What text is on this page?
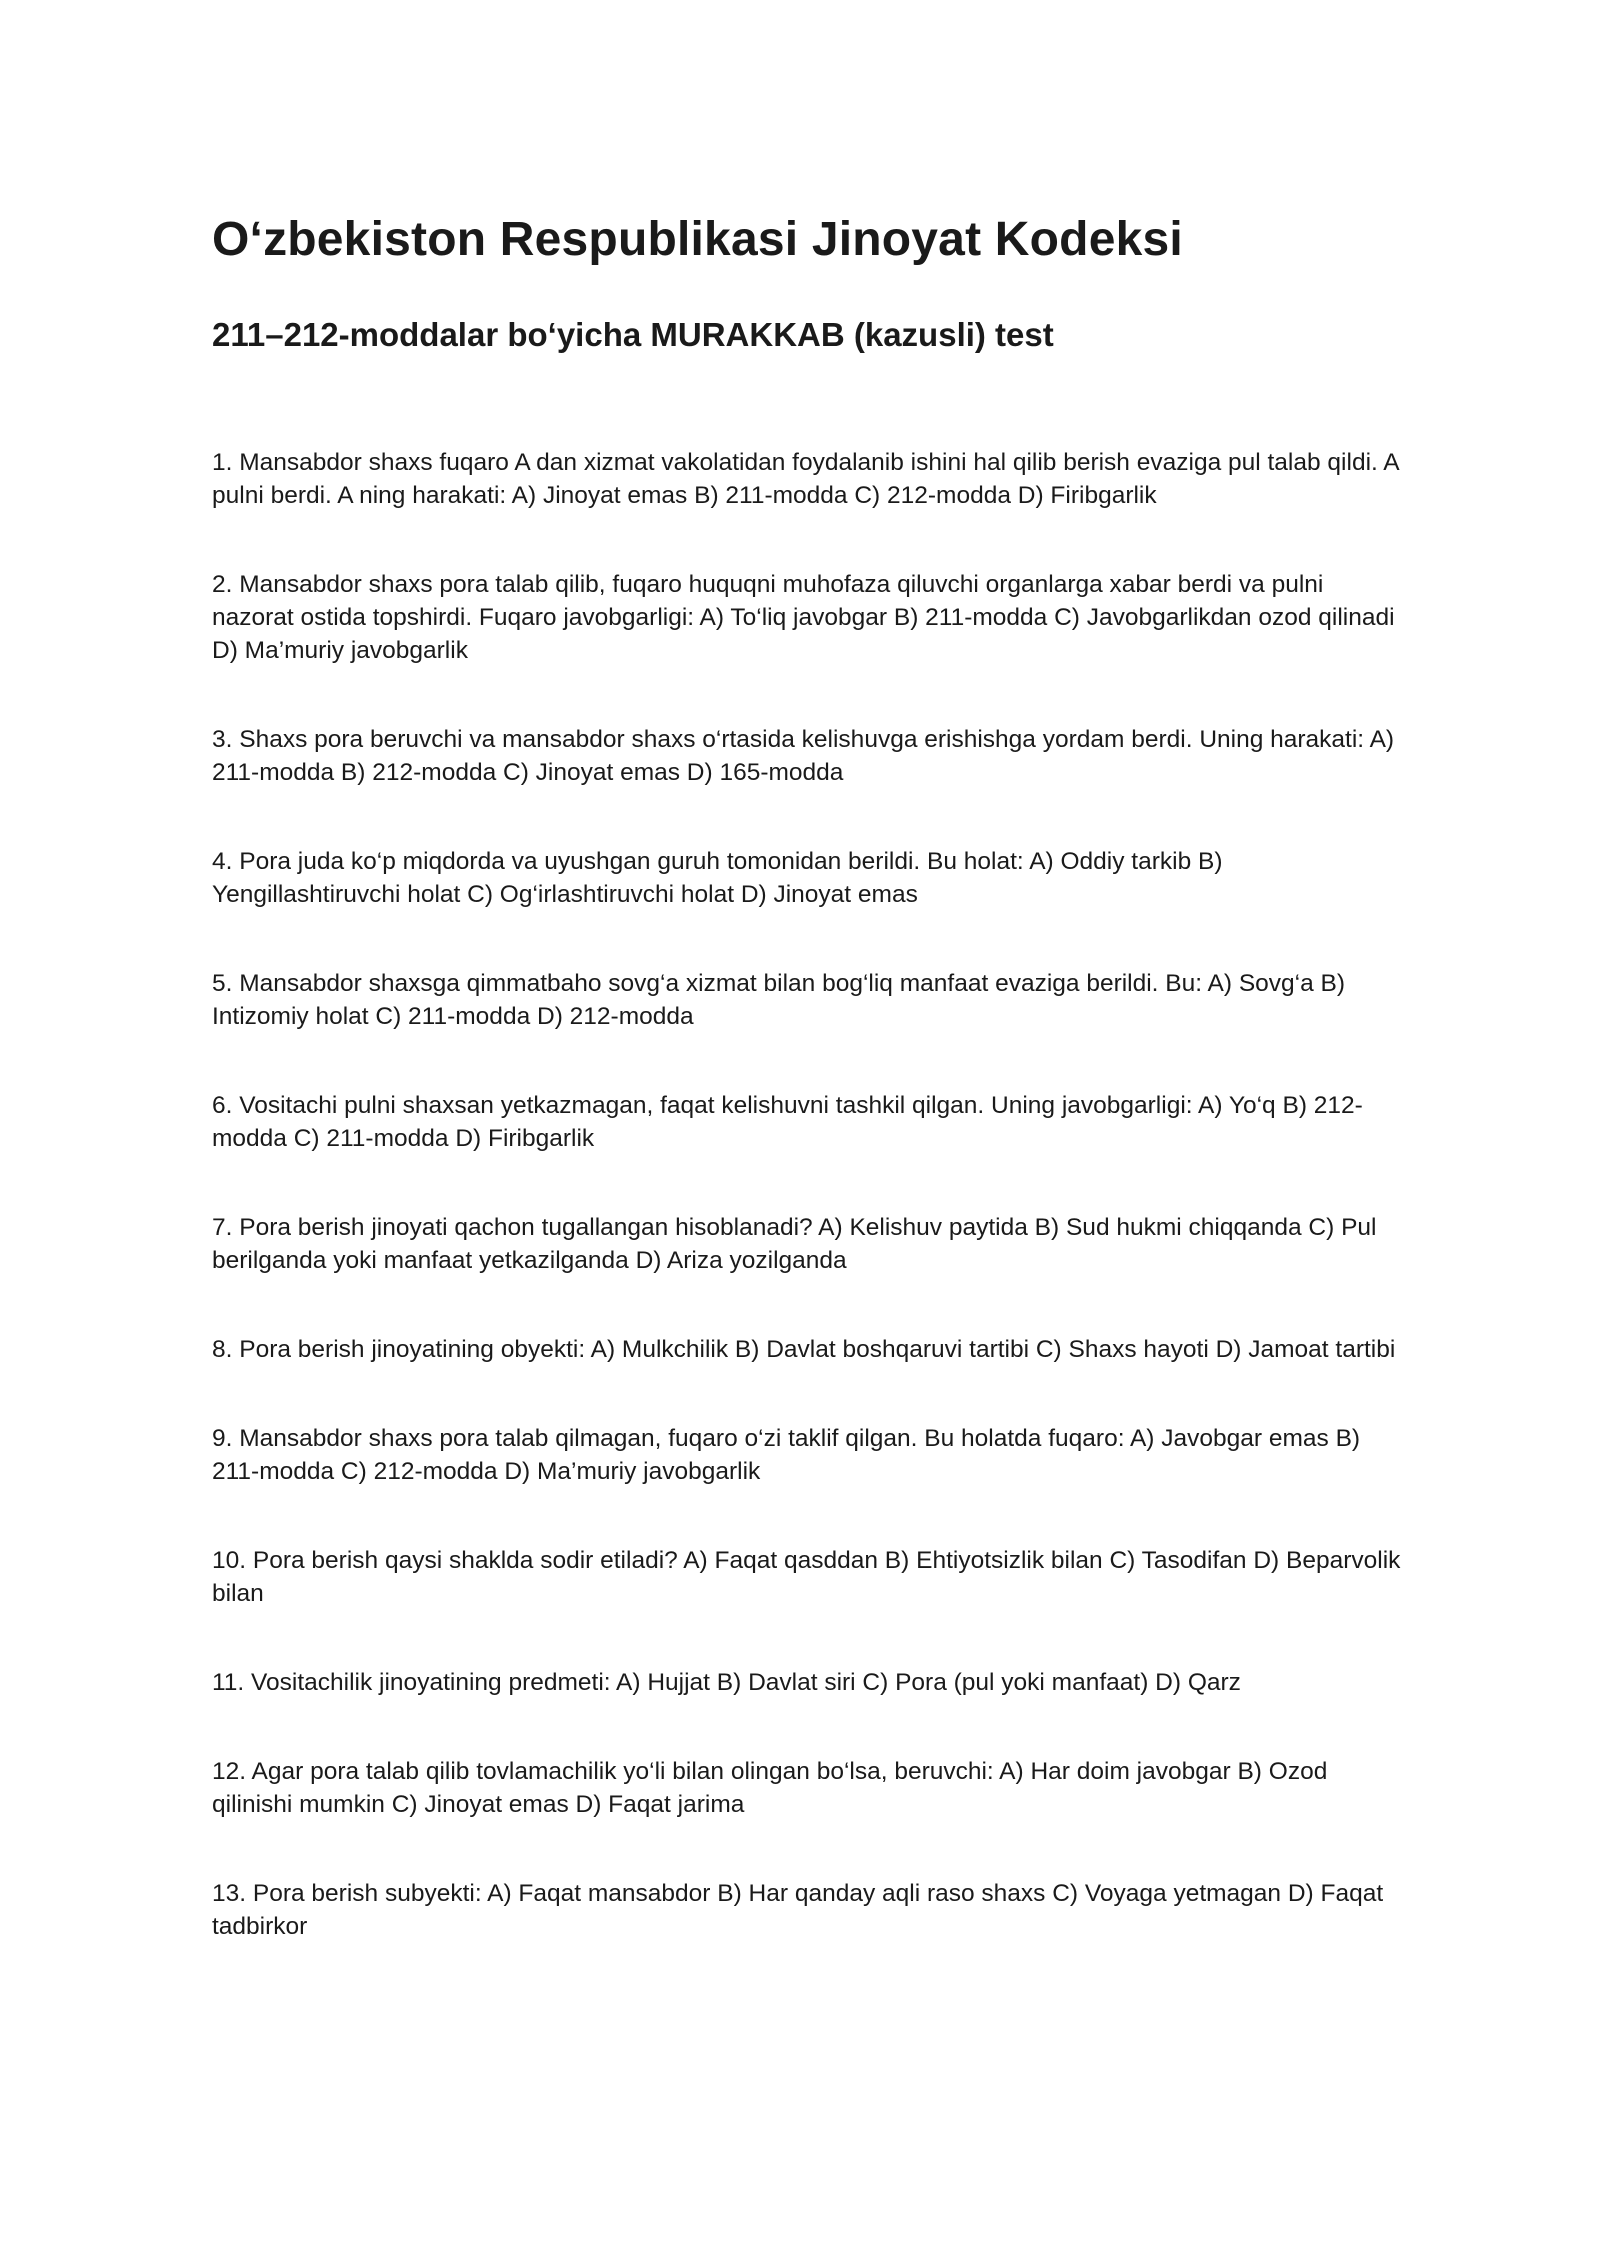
O‘zbekiston Respublikasi Jinoyat Kodeksi
211–212-moddalar bo‘yicha MURAKKAB (kazusli) test

1. Mansabdor shaxs fuqaro A dan xizmat vakolatidan foydalanib ishini hal qilib berish evaziga pul talab qildi. A pulni berdi. A ning harakati: A) Jinoyat emas B) 211-modda C) 212-modda D) Firibgarlik

2. Mansabdor shaxs pora talab qilib, fuqaro huquqni muhofaza qiluvchi organlarga xabar berdi va pulni nazorat ostida topshirdi. Fuqaro javobgarligi: A) To‘liq javobgar B) 211-modda C) Javobgarlikdan ozod qilinadi D) Ma’muriy javobgarlik

3. Shaxs pora beruvchi va mansabdor shaxs o‘rtasida kelishuvga erishishga yordam berdi. Uning harakati: A) 211-modda B) 212-modda C) Jinoyat emas D) 165-modda

4. Pora juda ko‘p miqdorda va uyushgan guruh tomonidan berildi. Bu holat: A) Oddiy tarkib B) Yengillashtiruvchi holat C) Og‘irlashtiruvchi holat D) Jinoyat emas

5. Mansabdor shaxsga qimmatbaho sovg‘a xizmat bilan bog‘liq manfaat evaziga berildi. Bu: A) Sovg‘a B) Intizomiy holat C) 211-modda D) 212-modda

6. Vositachi pulni shaxsan yetkazmagan, faqat kelishuvni tashkil qilgan. Uning javobgarligi: A) Yo‘q B) 212-modda C) 211-modda D) Firibgarlik

7. Pora berish jinoyati qachon tugallangan hisoblanadi? A) Kelishuv paytida B) Sud hukmi chiqqanda C) Pul berilganda yoki manfaat yetkazilganda D) Ariza yozilganda

8. Pora berish jinoyatining obyekti: A) Mulkchilik B) Davlat boshqaruvi tartibi C) Shaxs hayoti D) Jamoat tartibi

9. Mansabdor shaxs pora talab qilmagan, fuqaro o‘zi taklif qilgan. Bu holatda fuqaro: A) Javobgar emas B) 211-modda C) 212-modda D) Ma’muriy javobgarlik

10. Pora berish qaysi shaklda sodir etiladi? A) Faqat qasddan B) Ehtiyotsizlik bilan C) Tasodifan D) Beparvolik bilan

11. Vositachilik jinoyatining predmeti: A) Hujjat B) Davlat siri C) Pora (pul yoki manfaat) D) Qarz

12. Agar pora talab qilib tovlamachilik yo‘li bilan olingan bo‘lsa, beruvchi: A) Har doim javobgar B) Ozod qilinishi mumkin C) Jinoyat emas D) Faqat jarima

13. Pora berish subyekti: A) Faqat mansabdor B) Har qanday aqli raso shaxs C) Voyaga yetmagan D) Faqat tadbirkor
